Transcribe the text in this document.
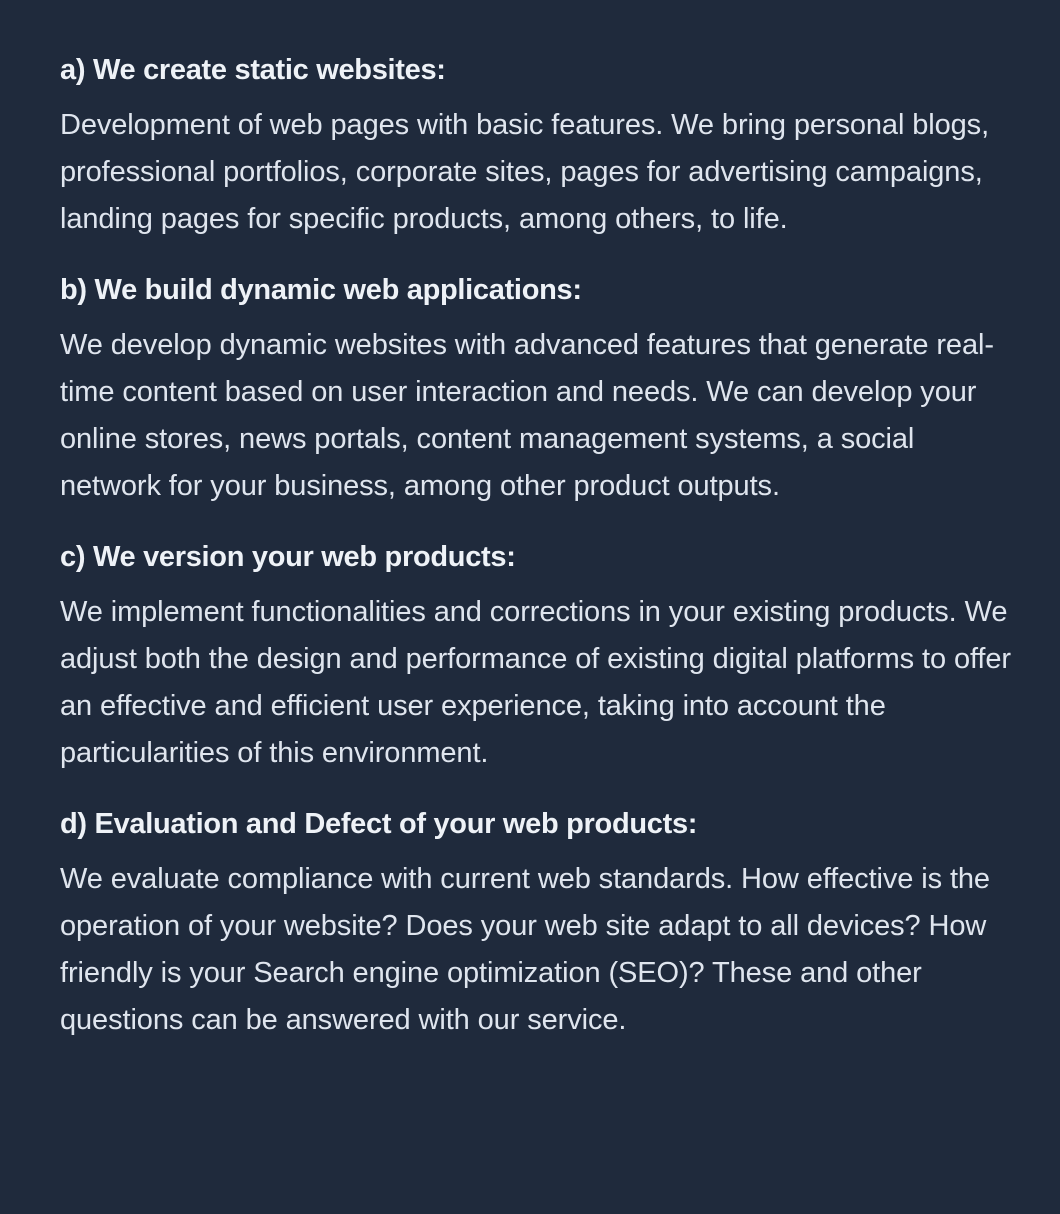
a) We create static websites:

Development of web pages with basic features. We bring personal blogs, professional portfolios, corporate sites, pages for advertising campaigns, landing pages for specific products, among others, to life.

b) We build dynamic web applications:

We develop dynamic websites with advanced features that generate real-time content based on user interaction and needs. We can develop your online stores, news portals, content management systems, a social network for your business, among other product outputs.

c) We version your web products:

We implement functionalities and corrections in your existing products. We adjust both the design and performance of existing digital platforms to offer an effective and efficient user experience, taking into account the particularities of this environment.

d) Evaluation and Defect of your web products:

We evaluate compliance with current web standards. How effective is the operation of your website? Does your web site adapt to all devices? How friendly is your Search engine optimization (SEO)? These and other questions can be answered with our service.
